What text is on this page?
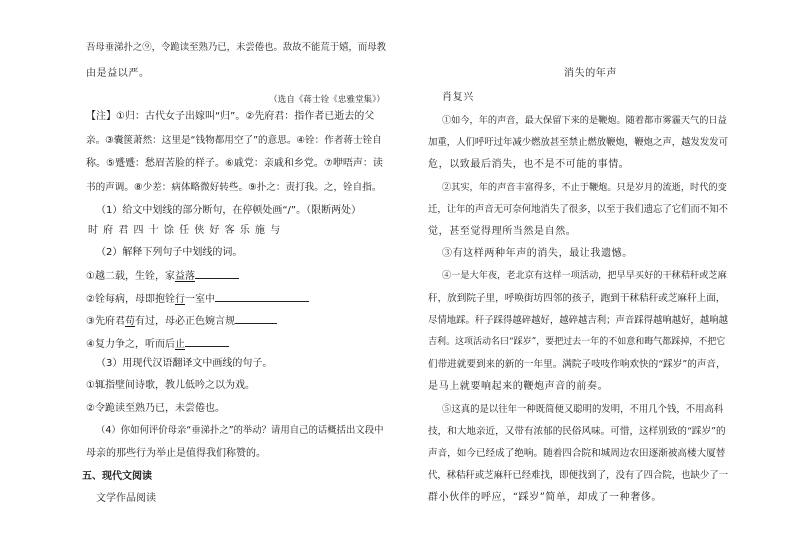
吾母垂涕扑之⑨，令跪读至熟乃已，未尝倦也。敌故不能荒于嬉，而母教
由是益以严。
（选自《蒋士铨《忠雅堂集》）
【注】①归：古代女子出嫁叫“归”。②先府君：指作者已逝去的父
亲。③囊箧萧然：这里是“钱物都用空了”的意思。④铨：作者蒋士铨自
称。⑤蹙蹙：愁眉苦脸的样子。⑥戚党：亲戚和乡党。⑦咿唔声：读
书的声调。⑧少差：病体略微好转些。⑨扑之：责打我。之，铨自指。
（1）给文中划线的部分断句，在停顿处画“/”。（限断两处）
时 府 君 四 十 馀 任 侠 好 客 乐 施 与
（2）解释下列句子中划线的词。
①越二载，生铨，家益落
②铨每病，母即抱铨行一室中
③先府君苟有过，母必正色婉言规
④复力争之，听而后止
（3）用现代汉语翻译文中画线的句子。
①辄指壁间诗歌，教儿低吟之以为戏。
②令跪读至熟乃已，未尝倦也。
（4）你如何评价母亲“垂涕扑之”的举动？请用自己的话概括出文段中
母亲的那些行为举止是值得我们称赞的。
五、现代文阅读
文学作品阅读
消失的年声
肖复兴
①如今，年的声音，最大保留下来的是鞭炮。随着都市雾霾天气的日益
加重，人们呼吁过年减少燃放甚至禁止燃放鞭炮，鞭炮之声，越发发发可
危，以致最后消失，也不是不可能的事情。
②其实，年的声音丰富得多，不止于鞭炮。只是岁月的流逝，时代的变
迁，让年的声音无可奈何地消失了很多，以至于我们遗忘了它们而不知不
觉，甚至觉得理所当然是自然。
③有这样两种年声的消失，最让我遗憾。
④一是大年夜，老北京有这样一项活动，把早早买好的干秫秸秆或芝麻
秆，放到院子里，呼唤街坊四邻的孩子，跑到干秫秸秆或芝麻秆上面，
尽情地踩。秆子踩得越碎越好，越碎越吉利；声音踩得越响越好，越响越
吉利。这项活动名曰“踩岁”，要把过去一年的不如意和晦气都踩掉，不把它
们带进就要到来的新的一年里。满院子吱吱作响欢快的“踩岁”的声音，
是马上就要响起来的鞭炮声音的前奏。
⑤这真的是以往年一种既简便又聪明的发明，不用几个钱，不用高科
技，和大地亲近，又带有浓郁的民俗风味。可惜，这样别致的“踩岁”的
声音，如今已经成了绝响。随着四合院和城周边农田逐渐被高楼大厦替
代，秫秸秆或芝麻秆已经难找，即便找到了，没有了四合院，也缺少了一
群小伙伴的呼应，“踩岁”简单，却成了一种奢侈。
